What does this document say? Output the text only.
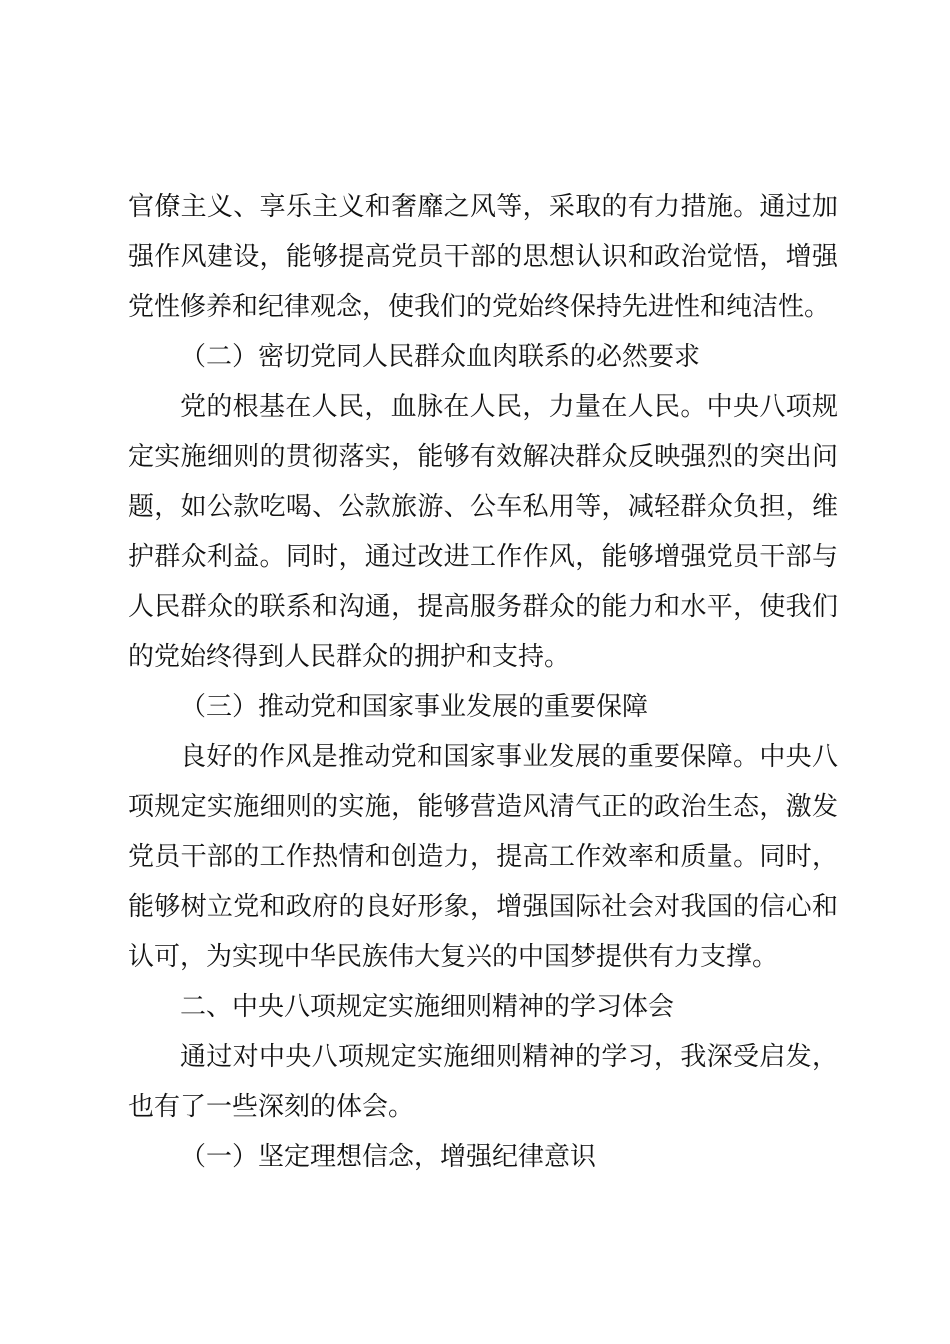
官僚主义、享乐主义和奢靡之风等，采取的有力措施。通过加
强作风建设，能够提高党员干部的思想认识和政治觉悟，增强
党性修养和纪律观念，使我们的党始终保持先进性和纯洁性。
（二）密切党同人民群众血肉联系的必然要求
党的根基在人民，血脉在人民，力量在人民。中央八项规
定实施细则的贯彻落实，能够有效解决群众反映强烈的突出问
题，如公款吃喝、公款旅游、公车私用等，减轻群众负担，维
护群众利益。同时，通过改进工作作风，能够增强党员干部与
人民群众的联系和沟通，提高服务群众的能力和水平，使我们
的党始终得到人民群众的拥护和支持。
（三）推动党和国家事业发展的重要保障
良好的作风是推动党和国家事业发展的重要保障。中央八
项规定实施细则的实施，能够营造风清气正的政治生态，激发
党员干部的工作热情和创造力，提高工作效率和质量。同时，
能够树立党和政府的良好形象，增强国际社会对我国的信心和
认可，为实现中华民族伟大复兴的中国梦提供有力支撑。
二、中央八项规定实施细则精神的学习体会
通过对中央八项规定实施细则精神的学习，我深受启发，
也有了一些深刻的体会。
（一）坚定理想信念，增强纪律意识
